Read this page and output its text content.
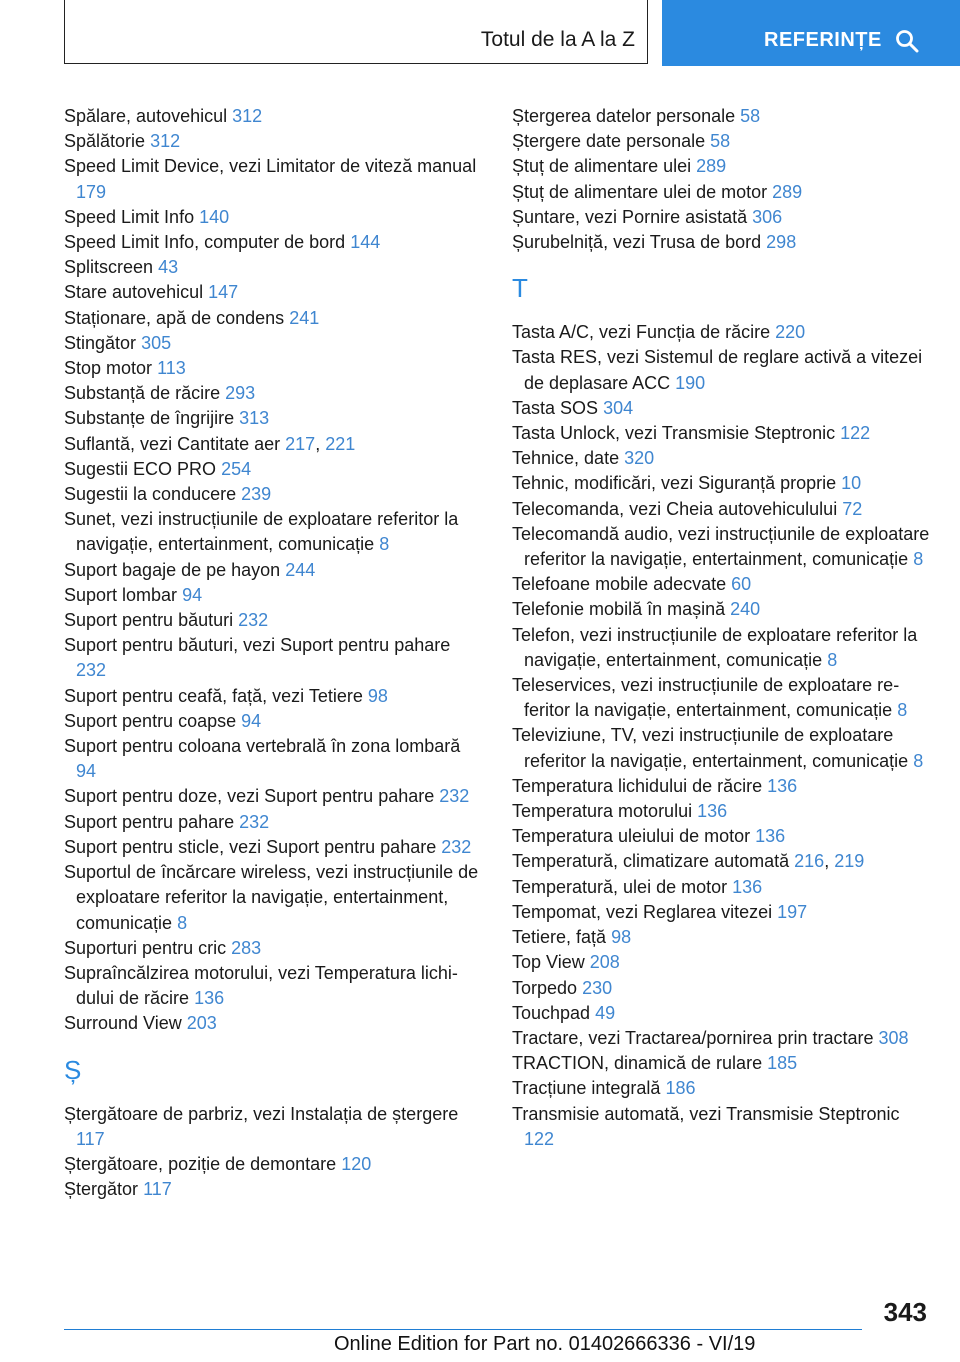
Totul de la A la Z	REFERINȚE
Spălare, autovehicul 312
Spălătorie 312
Speed Limit Device, vezi Limitator de viteză manual 179
Speed Limit Info 140
Speed Limit Info, computer de bord 144
Splitscreen 43
Stare autovehicul 147
Staționare, apă de condens 241
Stingător 305
Stop motor 113
Substanță de răcire 293
Substanțe de îngrijire 313
Suflantă, vezi Cantitate aer 217, 221
Sugestii ECO PRO 254
Sugestii la conducere 239
Sunet, vezi instrucțiunile de exploatare referitor la navigație, entertainment, comunicație 8
Suport bagaje de pe hayon 244
Suport lombar 94
Suport pentru băuturi 232
Suport pentru băuturi, vezi Suport pentru pahare 232
Suport pentru ceafă, față, vezi Tetiere 98
Suport pentru coapse 94
Suport pentru coloana vertebrală în zona lombară 94
Suport pentru doze, vezi Suport pentru pahare 232
Suport pentru pahare 232
Suport pentru sticle, vezi Suport pentru pahare 232
Suportul de încărcare wireless, vezi instrucțiunile de exploatare referitor la navigație, entertainment, comunicație 8
Suporturi pentru cric 283
Supraîncălzirea motorului, vezi Temperatura lichidului de răcire 136
Surround View 203
Ș
Ștergătoare de parbriz, vezi Instalația de ștergere 117
Ștergătoare, poziție de demontare 120
Ștergător 117
Ștergerea datelor personale 58
Ștergere date personale 58
Ștuț de alimentare ulei 289
Ștuț de alimentare ulei de motor 289
Șuntare, vezi Pornire asistată 306
Șurubelniță, vezi Trusa de bord 298
T
Tasta A/C, vezi Funcția de răcire 220
Tasta RES, vezi Sistemul de reglare activă a vitezei de deplasare ACC 190
Tasta SOS 304
Tasta Unlock, vezi Transmisie Steptronic 122
Tehnice, date 320
Tehnic, modificări, vezi Siguranță proprie 10
Telecomanda, vezi Cheia autovehiculului 72
Telecomandă audio, vezi instrucțiunile de exploatare referitor la navigație, entertainment, comunicație 8
Telefoane mobile adecvate 60
Telefonie mobilă în mașină 240
Telefon, vezi instrucțiunile de exploatare referitor la navigație, entertainment, comunicație 8
Teleservices, vezi instrucțiunile de exploatare referitor la navigație, entertainment, comunicație 8
Televiziune, TV, vezi instrucțiunile de exploatare referitor la navigație, entertainment, comunicație 8
Temperatura lichidului de răcire 136
Temperatura motorului 136
Temperatura uleiului de motor 136
Temperatură, climatizare automată 216, 219
Temperatură, ulei de motor 136
Tempomat, vezi Reglarea vitezei 197
Tetiere, față 98
Top View 208
Torpedo 230
Touchpad 49
Tractare, vezi Tractarea/pornirea prin tractare 308
TRACTION, dinamică de rulare 185
Tracțiune integrală 186
Transmisie automată, vezi Transmisie Steptronic 122
343
Online Edition for Part no. 01402666336 - VI/19
